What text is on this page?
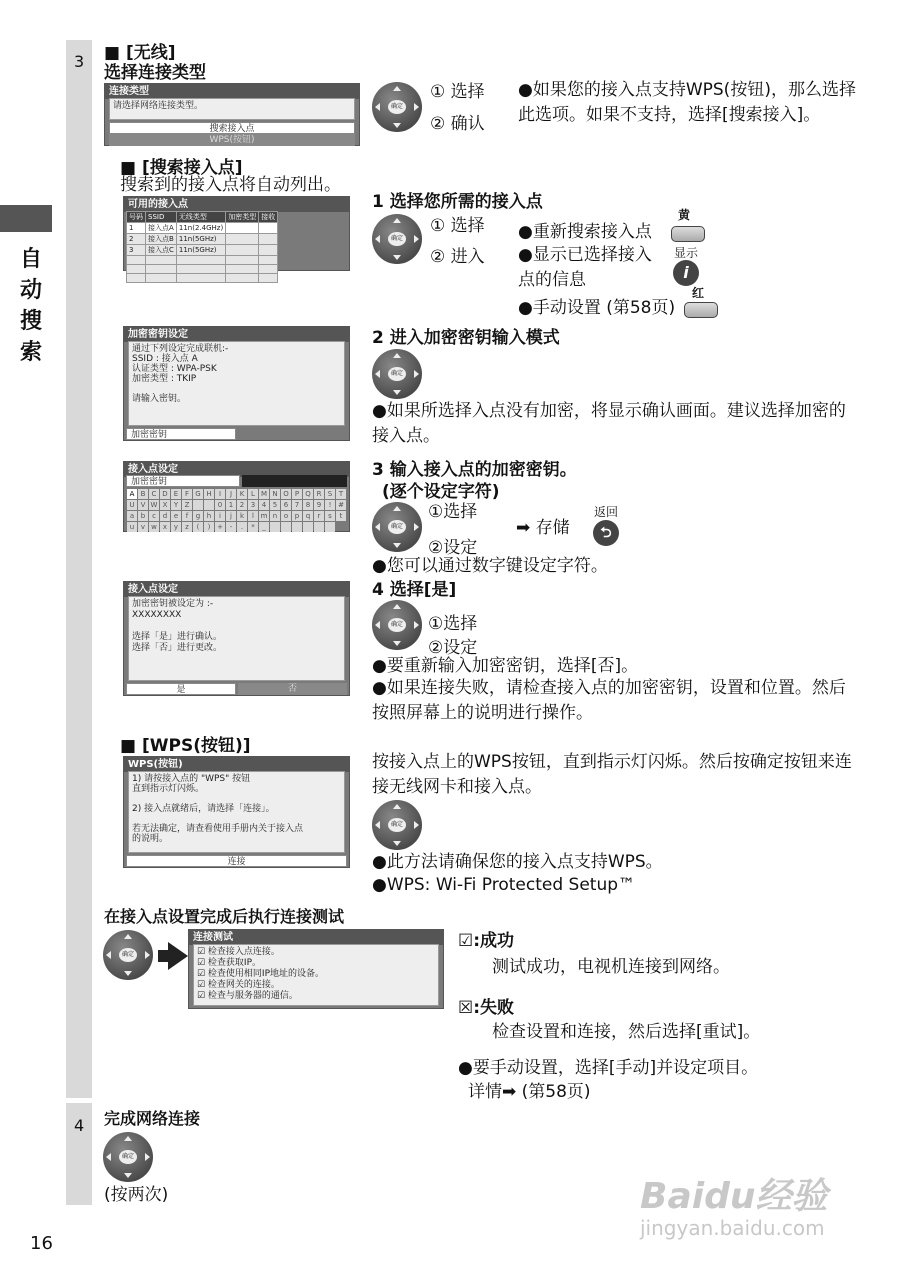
3
4
自动搜索
■ [无线]
选择连接类型
连接类型
请选择网络连接类型。
搜索接入点
WPS(按钮)
确定
① 选择
② 确认
●如果您的接入点支持WPS(按钮)，那么选择此选项。如果不支持，选择[搜索接入]。
■ [搜索接入点]
搜索到的接入点将自动列出。
可用的接入点
号码	SSID	无线类型	加密类型	接收
1	接入点A	11n(2.4GHz)		
2	接入点B	11n(5GHz)		
3	接入点C	11n(5GHz)		

1 选择您所需的接入点
确定
① 选择
② 进入
●重新搜索接入点
黄
●显示已选择接入点的信息
显示
i
●手动设置 (第58页)
红
加密密钥设定
通过下列设定完成联机:-
SSID : 接入点 A
认证类型 : WPA-PSK
加密类型 : TKIP

请输入密钥。
加密密钥
2 进入加密密钥输入模式
确定
●如果所选择入点没有加密，将显示确认画面。建议选择加密的接入点。
接入点设定
加密密钥
A B C D E F G H	I	J	K L M N O P Q R S T
U V W X Y Z	0 1 2 3 4 5 6 7 8 9	! #
a b c d e	f	g h	i	j	k	l m n o p q	r	s	t
u v w x y	z	(	) + -	.	*	_
3 输入接入点的加密密钥。
(逐个设定字符)
确定
①选择
②设定
➡ 存储
返回
⮌
●您可以通过数字键设定字符。
接入点设定
加密密钥被设定为 :-
XXXXXXXX

选择「是」进行确认。
选择「否」进行更改。
是	否
4 选择[是]
确定 ①选择
②设定
●要重新输入加密密钥，选择[否]。
●如果连接失败，请检查接入点的加密密钥，设置和位置。然后按照屏幕上的说明进行操作。
■ [WPS(按钮)]
WPS(按钮)
1) 请按接入点的 "WPS" 按钮
直到指示灯闪烁。

2) 接入点就绪后，请选择「连接」。

若无法确定，请查看使用手册内关于接入点
的说明。
连接
按接入点上的WPS按钮，直到指示灯闪烁。然后按确定按钮来连接无线网卡和接入点。
确定
●此方法请确保您的接入点支持WPS。
●WPS: Wi-Fi Protected Setup™
在接入点设置完成后执行连接测试
确定
连接测试
☑ 检查接入点连接。
☑ 检查获取IP。
☑ 检查使用相同IP地址的设备。
☑ 检查网关的连接。
☑ 检查与服务器的通信。
☑:成功
测试成功，电视机连接到网络。
☒:失败
检查设置和连接，然后选择[重试]。
●要手动设置，选择[手动]并设定项目。
详情➡ (第58页)
完成网络连接
确定
(按两次)
16
Baidu经验
jingyan.baidu.com
